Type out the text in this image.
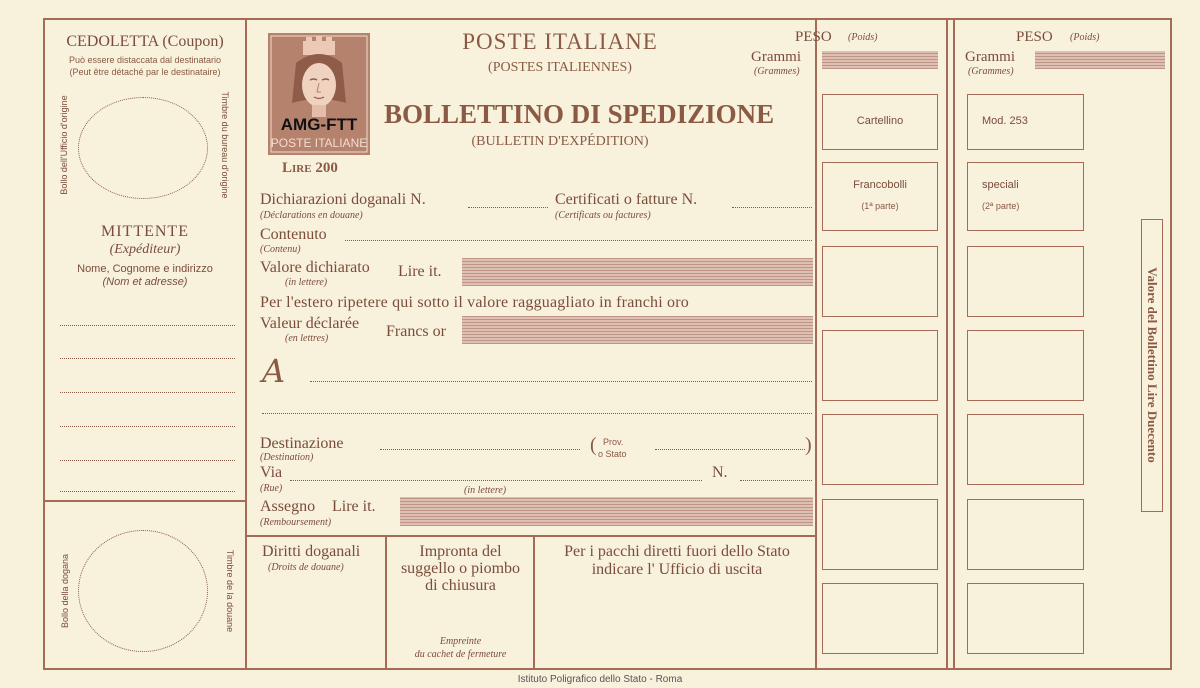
CEDOLETTA (Coupon)
Può essere distaccata dal destinatario
(Peut être détaché par le destinataire)
Bollo dell'Ufficio d'origine	Timbre du bureau d'origine
MITTENTE
(Expéditeur)
Nome, Cognome e indirizzo
(Nom et adresse)
Bollo della dogana	Timbre de la douane
AMG-FTT
POSTE ITALIANE
Lire 200
POSTE ITALIANE
(POSTES ITALIENNES)
BOLLETTINO DI SPEDIZIONE
(BULLETIN D'EXPÉDITION)
Dichiarazioni doganali N.
(Déclarations en douane)
Certificati o fatture N.
(Certificats ou factures)
Contenuto
(Contenu)
Valore dichiarato
(in lettere)
Lire it.
Per l'estero ripetere qui sotto il valore ragguagliato in franchi oro
Valeur déclarée
(en lettres)	Francs or
A
Destinazione
(Destination)
( Prov.
o Stato	)
Via
(Rue)	(in lettere)
N.
Assegno Lire it.
(Remboursement)
Diritti doganali
(Droits de douane)
Impronta del
suggello o piombo
di chiusura
Empreinte
du cachet de fermeture
Per i pacchi diretti fuori dello Stato
indicare l' Ufficio di uscita
PESO (Poids)
Grammi
(Grammes)
Cartellino
Francobolli
(1ª parte)
PESO (Poids)
Grammi
(Grammes)
Mod. 253
speciali
(2ª parte)
Valore del Bollettino Lire Duecento
Istituto Poligrafico dello Stato - Roma
